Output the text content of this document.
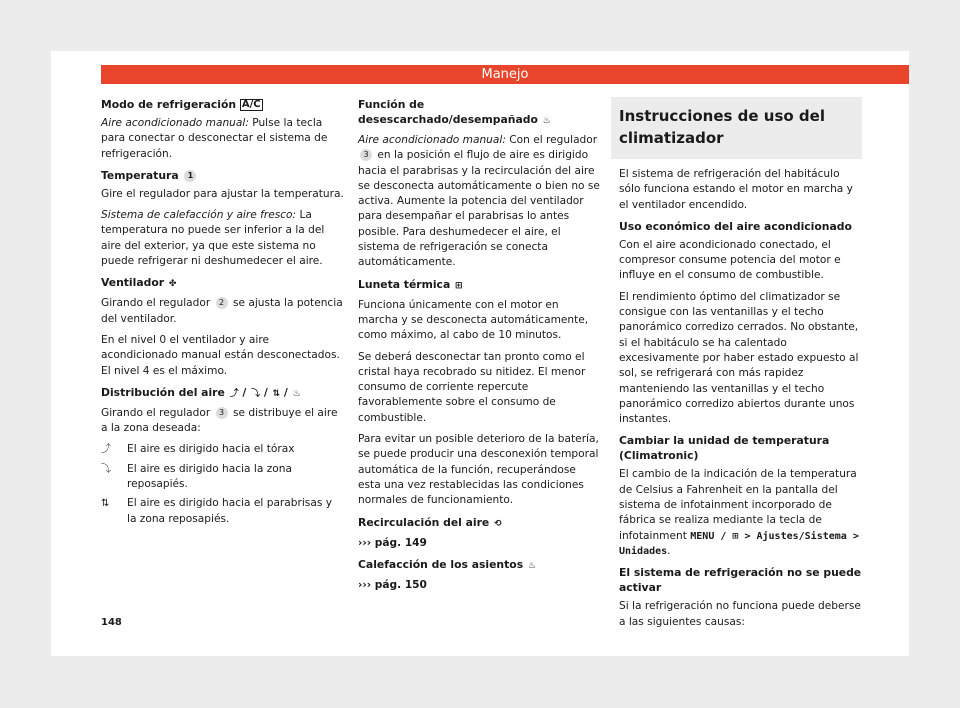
Manejo
Modo de refrigeración A/C

Aire acondicionado manual: Pulse la tecla para conectar o desconectar el sistema de refrigeración.

Temperatura 1

Gire el regulador para ajustar la temperatura.

Sistema de calefacción y aire fresco: La temperatura no puede ser inferior a la del aire del exterior, ya que este sistema no puede refrigerar ni deshumedecer el aire.

Ventilador ✤

Girando el regulador 2 se ajusta la potencia del ventilador.

En el nivel 0 el ventilador y aire acondicionado manual están desconectados. El nivel 4 es el máximo.

Distribución del aire ⤴ / ⤵ / ⇅ / ♨

Girando el regulador 3 se distribuye el aire a la zona deseada:

⤴	El aire es dirigido hacia el tórax
⤵	El aire es dirigido hacia la zona reposapiés.
⇅	El aire es dirigido hacia el parabrisas y la zona reposapiés.
Función de desescarchado/desempañado ♨

Aire acondicionado manual: Con el regulador 3 en la posición el flujo de aire es dirigido hacia el parabrisas y la recirculación del aire se desconecta automáticamente o bien no se activa. Aumente la potencia del ventilador para desempañar el parabrisas lo antes posible. Para deshumedecer el aire, el sistema de refrigeración se conecta automáticamente.

Luneta térmica ⊞

Funciona únicamente con el motor en marcha y se desconecta automáticamente, como máximo, al cabo de 10 minutos.

Se deberá desconectar tan pronto como el cristal haya recobrado su nitidez. El menor consumo de corriente repercute favorablemente sobre el consumo de combustible.

Para evitar un posible deterioro de la batería, se puede producir una desconexión temporal automática de la función, recuperándose esta una vez restablecidas las condiciones normales de funcionamiento.

Recirculación del aire ⟲

››› pág. 149

Calefacción de los asientos ♨

››› pág. 150

Instrucciones de uso del climatizador

El sistema de refrigeración del habitáculo sólo funciona estando el motor en marcha y el ventilador encendido.

Uso económico del aire acondicionado

Con el aire acondicionado conectado, el compresor consume potencia del motor e influye en el consumo de combustible.

El rendimiento óptimo del climatizador se consigue con las ventanillas y el techo panorámico corredizo cerrados. No obstante, si el habitáculo se ha calentado excesivamente por haber estado expuesto al sol, se refrigerará con más rapidez manteniendo las ventanillas y el techo panorámico corredizo abiertos durante unos instantes.

Cambiar la unidad de temperatura (Climatronic)

El cambio de la indicación de la temperatura de Celsius a Fahrenheit en la pantalla del sistema de infotainment incorporado de fábrica se realiza mediante la tecla de infotainment MENU / ⊞ > Ajustes/Sistema > Unidades.

El sistema de refrigeración no se puede activar

Si la refrigeración no funciona puede deberse a las siguientes causas:

148
